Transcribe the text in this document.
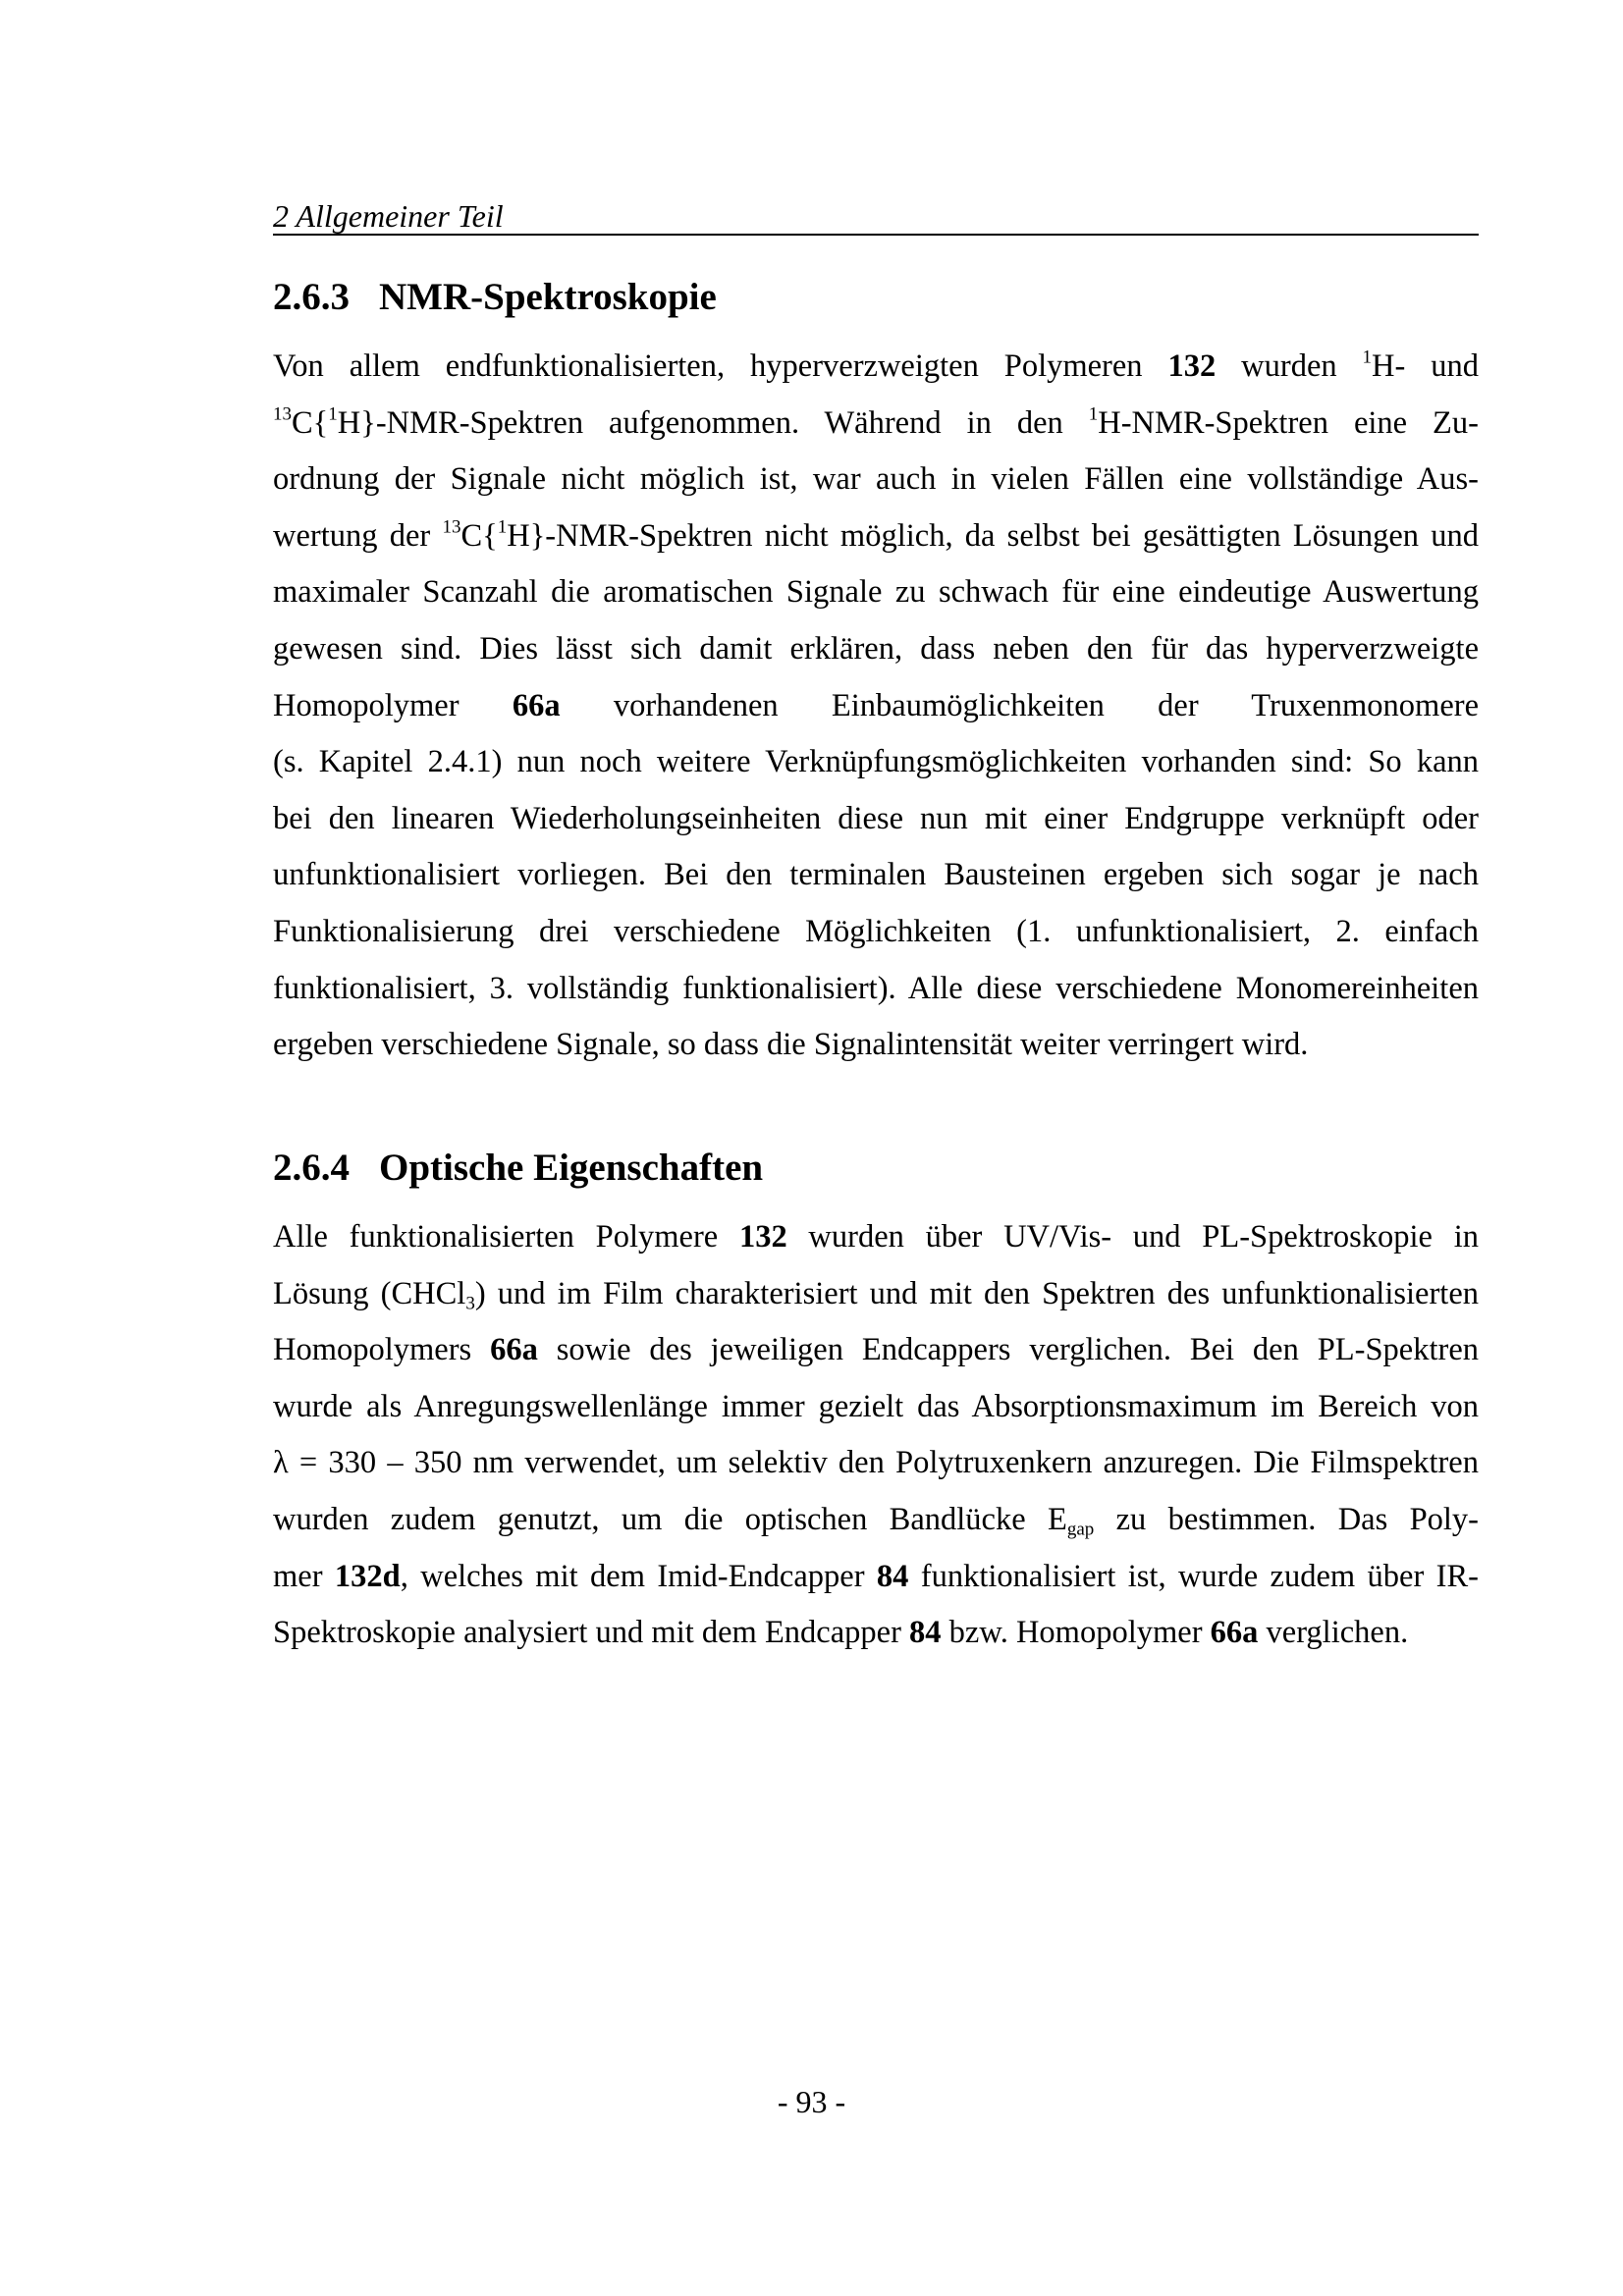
2 Allgemeiner Teil
2.6.3 NMR-Spektroskopie
Von allem endfunktionalisierten, hyperverzweigten Polymeren 132 wurden $^1$H- und
$^{13}$C{$^1$H}-NMR-Spektren aufgenommen. Während in den $^1$H-NMR-Spektren eine Zu-
ordnung der Signale nicht möglich ist, war auch in vielen Fällen eine vollständige Aus-
wertung der $^{13}$C{$^1$H}-NMR-Spektren nicht möglich, da selbst bei gesättigten Lösungen und
maximaler Scanzahl die aromatischen Signale zu schwach für eine eindeutige Auswertung
gewesen sind. Dies lässt sich damit erklären, dass neben den für das hyperverzweigte
Homopolymer 66a vorhandenen Einbaumöglichkeiten der Truxenmonomere
(s. Kapitel 2.4.1) nun noch weitere Verknüpfungsmöglichkeiten vorhanden sind: So kann
bei den linearen Wiederholungseinheiten diese nun mit einer Endgruppe verknüpft oder
unfunktionalisiert vorliegen. Bei den terminalen Bausteinen ergeben sich sogar je nach
Funktionalisierung drei verschiedene Möglichkeiten (1. unfunktionalisiert, 2. einfach
funktionalisiert, 3. vollständig funktionalisiert). Alle diese verschiedene Monomereinheiten
ergeben verschiedene Signale, so dass die Signalintensität weiter verringert wird.
2.6.4 Optische Eigenschaften
Alle funktionalisierten Polymere 132 wurden über UV/Vis- und PL-Spektroskopie in
Lösung (CHCl$_3$) und im Film charakterisiert und mit den Spektren des unfunktionalisierten
Homopolymers 66a sowie des jeweiligen Endcappers verglichen. Bei den PL-Spektren
wurde als Anregungswellenlänge immer gezielt das Absorptionsmaximum im Bereich von
λ = 330 – 350 nm verwendet, um selektiv den Polytruxenkern anzuregen. Die Filmspektren
wurden zudem genutzt, um die optischen Bandlücke $E_{gap}$ zu bestimmen. Das Poly-
mer 132d, welches mit dem Imid-Endcapper 84 funktionalisiert ist, wurde zudem über IR-
Spektroskopie analysiert und mit dem Endcapper 84 bzw. Homopolymer 66a verglichen.
- 93 -
